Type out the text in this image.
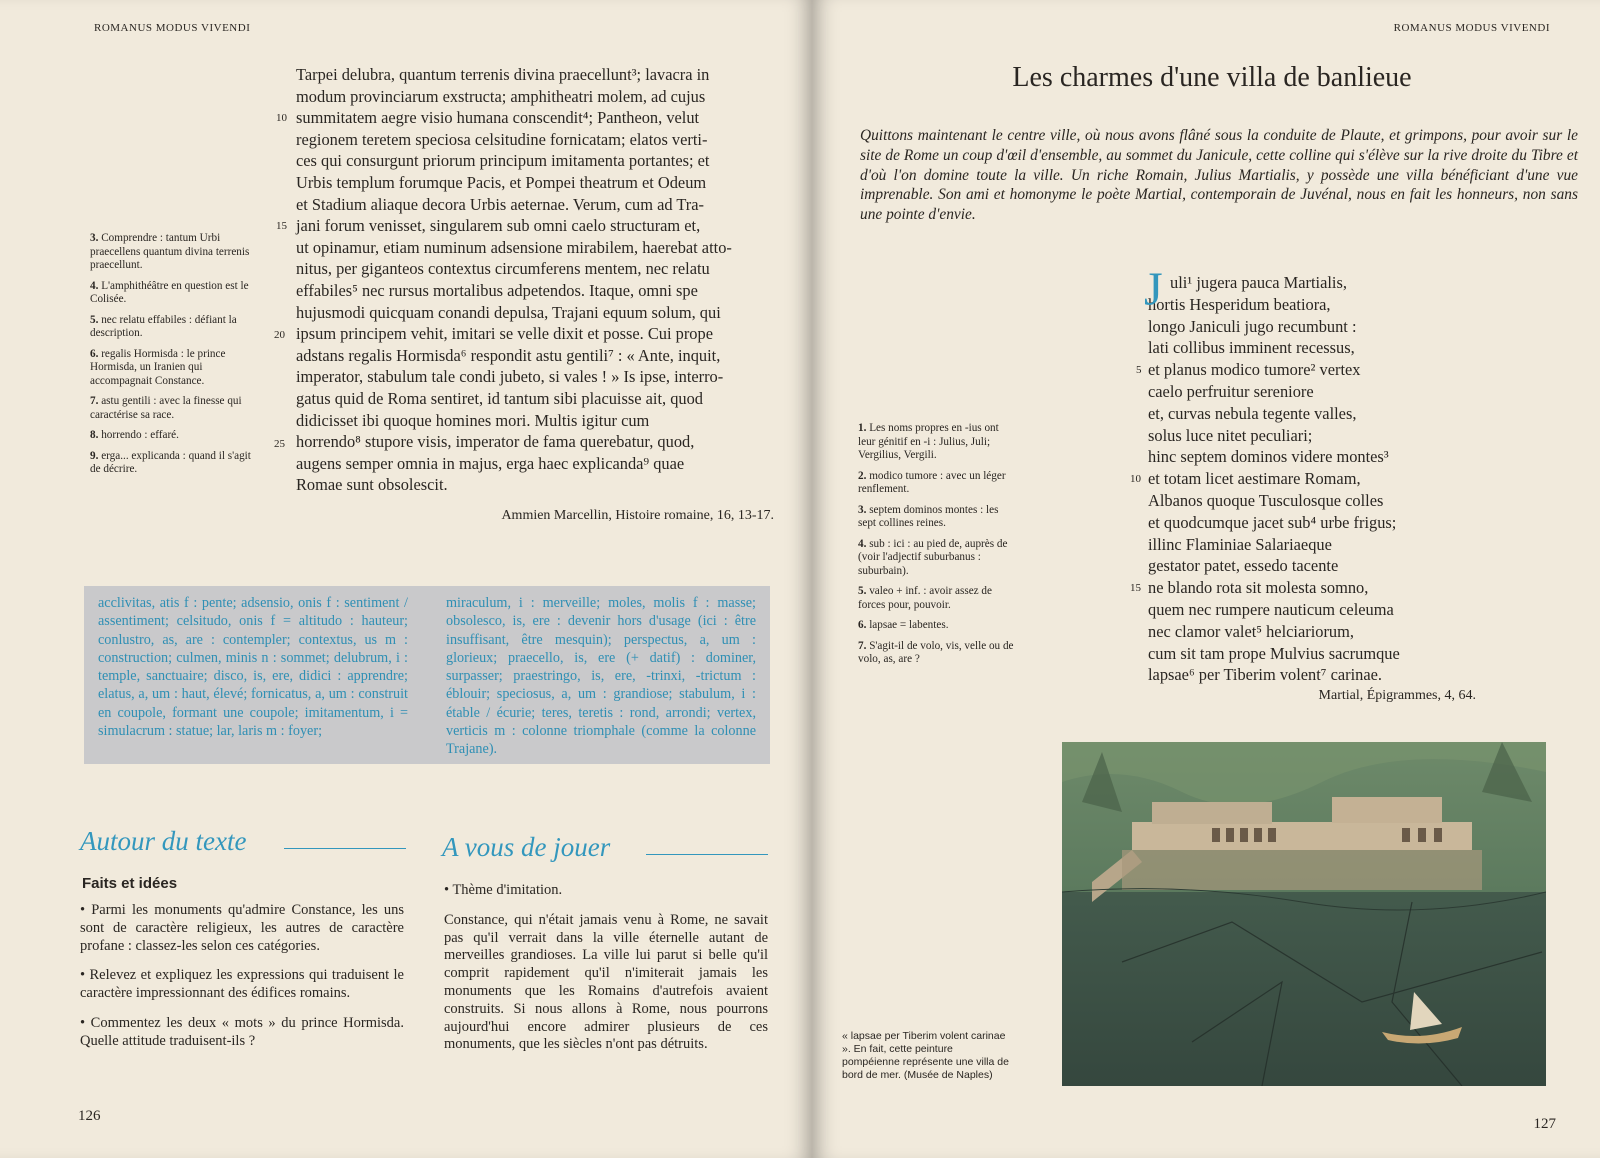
ROMANUS MODUS VIVENDI

Tarpei delubra, quantum terrenis divina praecellunt³; lavacra in

modum provinciarum exstructa; amphitheatri molem, ad cujus

summitatem aegre visio humana conscendit⁴; Pantheon, velut

regionem teretem speciosa celsitudine fornicatam; elatos verti-

ces qui consurgunt priorum principum imitamenta portantes; et

Urbis templum forumque Pacis, et Pompei theatrum et Odeum

et Stadium aliaque decora Urbis aeternae. Verum, cum ad Tra-

jani forum venisset, singularem sub omni caelo structuram et,

ut opinamur, etiam numinum adsensione mirabilem, haerebat atto-

nitus, per giganteos contextus circumferens mentem, nec relatu

effabiles⁵ nec rursus mortalibus adpetendos. Itaque, omni spe

hujusmodi quicquam conandi depulsa, Trajani equum solum, qui

ipsum principem vehit, imitari se velle dixit et posse. Cui prope

adstans regalis Hormisda⁶ respondit astu gentili⁷ : « Ante, inquit,

imperator, stabulum tale condi jubeto, si vales ! » Is ipse, interro-

gatus quid de Roma sentiret, id tantum sibi placuisse ait, quod

didicisset ibi quoque homines mori. Multis igitur cum

horrendo⁸ stupore visis, imperator de fama querebatur, quod,

augens semper omnia in majus, erga haec explicanda⁹ quae

Romae sunt obsolescit.

10
15
20
25
3. Comprendre : tantum Urbi praecellens quantum divina terrenis praecellunt.
4. L'amphithéâtre en question est le Colisée.
5. nec relatu effabiles : défiant la description.
6. regalis Hormisda : le prince Hormisda, un Iranien qui accompagnait Constance.
7. astu gentili : avec la finesse qui caractérise sa race.
8. horrendo : effaré.
9. erga... explicanda : quand il s'agit de décrire.
Ammien Marcellin, Histoire romaine, 16, 13-17.
acclivitas, atis f : pente; adsensio, onis f : sentiment / assentiment; celsitudo, onis f = altitudo : hauteur; conlustro, as, are : contempler; contextus, us m : construction; culmen, minis n : sommet; delubrum, i : temple, sanctuaire; disco, is, ere, didici : apprendre; elatus, a, um : haut, élevé; fornicatus, a, um : construit en coupole, formant une coupole; imitamentum, i = simulacrum : statue; lar, laris m : foyer;
miraculum, i : merveille; moles, molis f : masse; obsolesco, is, ere : devenir hors d'usage (ici : être insuffisant, être mesquin); perspectus, a, um : glorieux; praecello, is, ere (+ datif) : dominer, surpasser; praestringo, is, ere, -trinxi, -trictum : éblouir; speciosus, a, um : grandiose; stabulum, i : étable / écurie; teres, teretis : rond, arrondi; vertex, verticis m : colonne triomphale (comme la colonne Trajane).
Autour du texte
Faits et idées

• Parmi les monuments qu'admire Constance, les uns sont de caractère religieux, les autres de caractère profane : classez-les selon ces catégories.

• Relevez et expliquez les expressions qui traduisent le caractère impressionnant des édifices romains.

• Commentez les deux « mots » du prince Hormisda. Quelle attitude traduisent-ils ?

A vous de jouer

• Thème d'imitation.

Constance, qui n'était jamais venu à Rome, ne savait pas qu'il verrait dans la ville éternelle autant de merveilles grandioses. La ville lui parut si belle qu'il comprit rapidement qu'il n'imiterait jamais les monuments que les Romains d'autrefois avaient construits. Si nous allons à Rome, nous pourrons aujourd'hui encore admirer plusieurs de ces monuments, que les siècles n'ont pas détruits.

126
ROMANUS MODUS VIVENDI
Les charmes d'une villa de banlieue
Quittons maintenant le centre ville, où nous avons flâné sous la conduite de Plaute, et grimpons, pour avoir sur le site de Rome un coup d'œil d'ensemble, au sommet du Janicule, cette colline qui s'élève sur la rive droite du Tibre et d'où l'on domine toute la ville. Un riche Romain, Julius Martialis, y possède une villa bénéficiant d'une vue imprenable. Son ami et homonyme le poète Martial, contemporain de Juvénal, nous en fait les honneurs, non sans une pointe d'envie.
J uli¹ jugera pauca Martialis,
hortis Hesperidum beatiora,
longo Janiculi jugo recumbunt :
lati collibus imminent recessus,
et planus modico tumore² vertex
caelo perfruitur sereniore
et, curvas nebula tegente valles,
solus luce nitet peculiari;
hinc septem dominos videre montes³
et totam licet aestimare Romam,
Albanos quoque Tusculosque colles
et quodcumque jacet sub⁴ urbe frigus;
illinc Flaminiae Salariaeque
gestator patet, essedo tacente
ne blando rota sit molesta somno,
quem nec rumpere nauticum celeuma
nec clamor valet⁵ helciariorum,
cum sit tam prope Mulvius sacrumque
lapsae⁶ per Tiberim volent⁷ carinae.
5
10
15
Martial, Épigrammes, 4, 64.
1. Les noms propres en -ius ont leur génitif en -i : Julius, Juli; Vergilius, Vergili.
2. modico tumore : avec un léger renflement.
3. septem dominos montes : les sept collines reines.
4. sub : ici : au pied de, auprès de (voir l'adjectif suburbanus : suburbain).
5. valeo + inf. : avoir assez de forces pour, pouvoir.
6. lapsae = labentes.
7. S'agit-il de volo, vis, velle ou de volo, as, are ?
« lapsae per Tiberim volent carinae ». En fait, cette peinture pompéienne représente une villa de bord de mer. (Musée de Naples)
127
